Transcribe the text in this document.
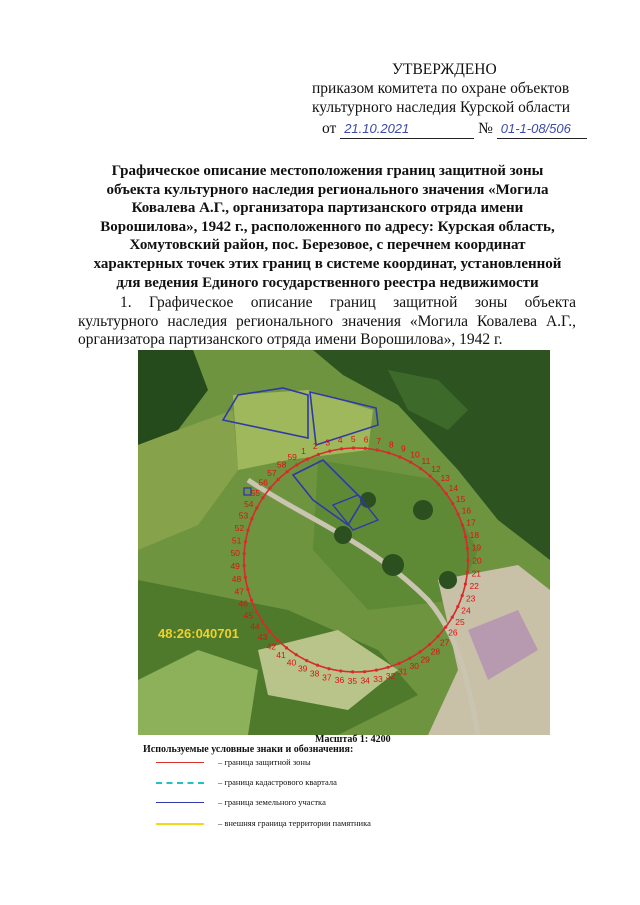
УТВЕРЖДЕНО
приказом комитета по охране объектов
культурного наследия Курской области
от 21.10.2021	№ 01-1-08/506
Графическое описание местоположения границ защитной зоны объекта культурного наследия регионального значения «Могила Ковалева А.Г., организатора партизанского отряда имени Ворошилова», 1942 г., расположенного по адресу: Курская область, Хомутовский район, пос. Березовое, с перечнем координат характерных точек этих границ в системе координат, установленной для ведения Единого государственного реестра недвижимости
1. Графическое описание границ защитной зоны объекта культурного наследия регионального значения «Могила Ковалева А.Г., организатора партизанского отряда имени Ворошилова», 1942 г.
1 2 3 4 5 6 7 8 9
10
11
12
13
14
15
16
17
18
19
20
21
22
23
24
25
26
27
28
29
30
31
32
33
34
35
36
37
38
39
40
41
42
43
44
45
46
47
48
49
50
51
52
53
54
55
56
57
58
59
48:26:040701
Масштаб 1: 4200
Используемые условные знаки и обозначения:
– граница защитной зоны
– граница кадастрового квартала
– граница земельного участка
– внешняя граница территории памятника
